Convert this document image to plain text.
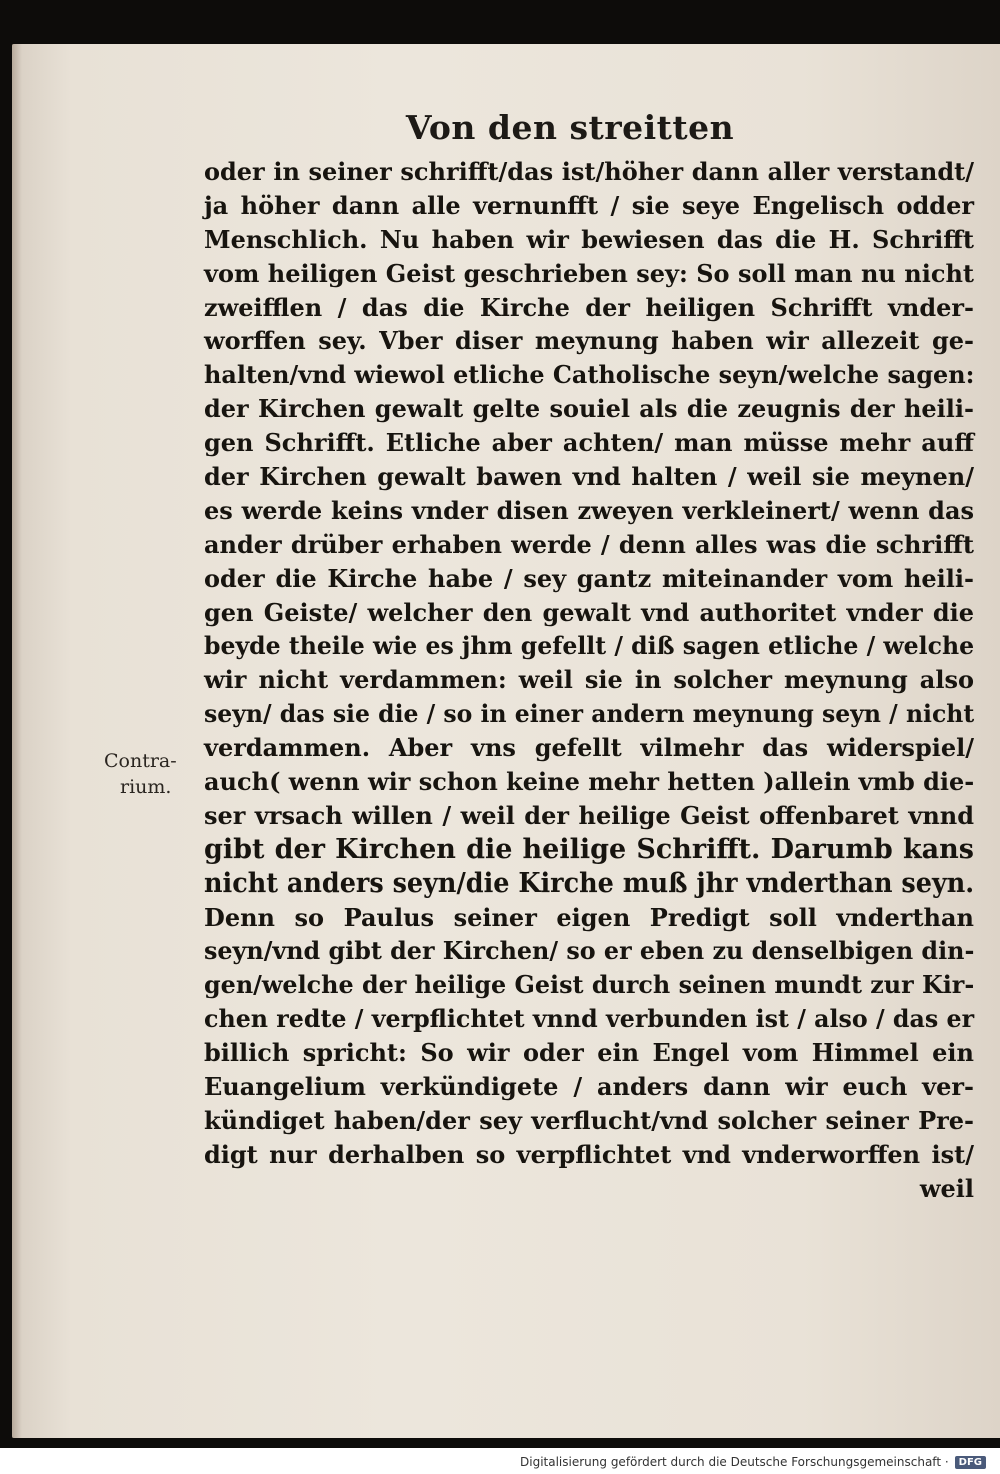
Von den streitten
Contra-
rium.
oder in seiner schrifft/das ist/höher dann aller verstandt/
ja höher dann alle vernunfft / sie seye Engelisch odder
Menschlich. Nu haben wir bewiesen das die H. Schrifft
vom heiligen Geist geschrieben sey: So soll man nu nicht
zweifflen / das die Kirche der heiligen Schrifft vnder-
worffen sey. Vber diser meynung haben wir allezeit ge-
halten/vnd wiewol etliche Catholische seyn/welche sagen:
der Kirchen gewalt gelte souiel als die zeugnis der heili-
gen Schrifft. Etliche aber achten/ man müsse mehr auff
der Kirchen gewalt bawen vnd halten / weil sie meynen/
es werde keins vnder disen zweyen verkleinert/ wenn das
ander drüber erhaben werde / denn alles was die schrifft
oder die Kirche habe / sey gantz miteinander vom heili-
gen Geiste/ welcher den gewalt vnd authoritet vnder die
beyde theile wie es jhm gefellt / diß sagen etliche / welche
wir nicht verdammen: weil sie in solcher meynung also
seyn/ das sie die / so in einer andern meynung seyn / nicht
verdammen. Aber vns gefellt vilmehr das widerspiel/
auch( wenn wir schon keine mehr hetten )allein vmb die-
ser vrsach willen / weil der heilige Geist offenbaret vnnd
gibt der Kirchen die heilige Schrifft. Darumb kans
nicht anders seyn/die Kirche muß jhr vnderthan seyn.
Denn so Paulus seiner eigen Predigt soll vnderthan
seyn/vnd gibt der Kirchen/ so er eben zu denselbigen din-
gen/welche der heilige Geist durch seinen mundt zur Kir-
chen redte / verpflichtet vnnd verbunden ist / also / das er
billich spricht: So wir oder ein Engel vom Himmel ein
Euangelium verkündigete / anders dann wir euch ver-
kündiget haben/der sey verflucht/vnd solcher seiner Pre-
digt nur derhalben so verpflichtet vnd vnderworffen ist/
weil
Digitalisierung gefördert durch die Deutsche Forschungsgemeinschaft ·	DFG
